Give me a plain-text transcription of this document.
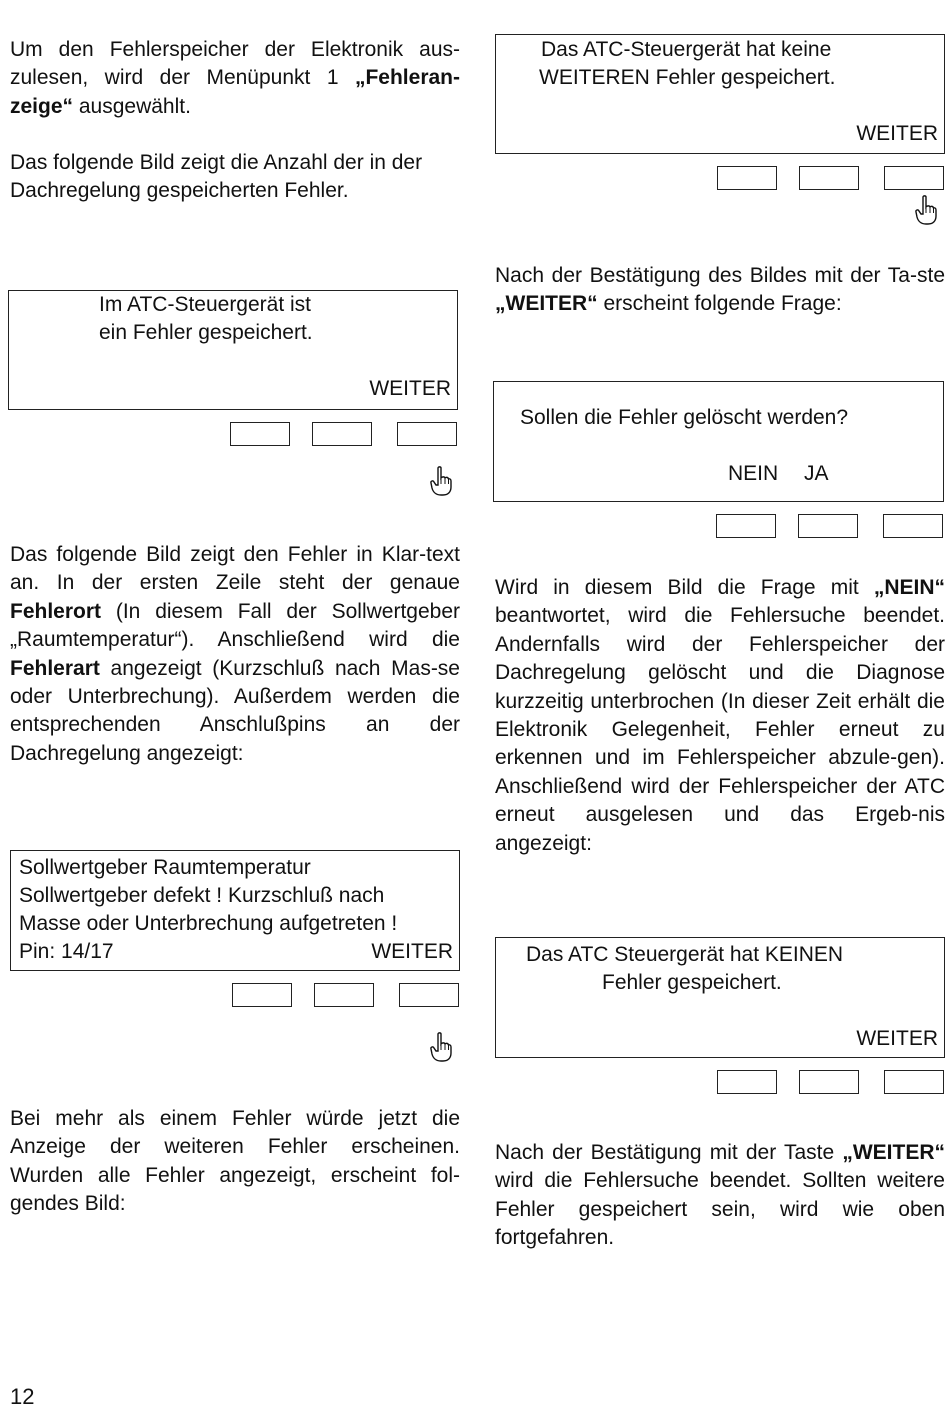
Um den Fehlerspeicher der Elektronik aus- zulesen, wird der Menüpunkt 1 „Fehleran- zeige“ ausgewählt.

Das folgende Bild zeigt die Anzahl der in der Dachregelung gespeicherten Fehler.

Im ATC-Steuergerät ist
ein Fehler gespeichert.
WEITER

Das folgende Bild zeigt den Fehler in Klar-text an. In der ersten Zeile steht der genaue Fehlerort (In diesem Fall der Sollwertgeber „Raumtemperatur“). Anschließend wird die Fehlerart angezeigt (Kurzschluß nach Mas-se oder Unterbrechung). Außerdem werden die entsprechenden Anschlußpins an der Dachregelung angezeigt:

Sollwertgeber Raumtemperatur
Sollwertgeber defekt ! Kurzschluß nach
Masse oder Unterbrechung aufgetreten !
Pin: 14/17	WEITER

Bei mehr als einem Fehler würde jetzt die Anzeige der weiteren Fehler erscheinen. Wurden alle Fehler angezeigt, erscheint fol-gendes Bild:

Das ATC-Steuergerät hat keine
WEITEREN Fehler gespeichert.
WEITER

Nach der Bestätigung des Bildes mit der Ta-ste „WEITER“ erscheint folgende Frage:

Sollen die Fehler gelöscht werden?
NEIN JA

Wird in diesem Bild die Frage mit „NEIN“ beantwortet, wird die Fehlersuche beendet. Andernfalls wird der Fehlerspeicher der Dachregelung gelöscht und die Diagnose kurzzeitig unterbrochen (In dieser Zeit erhält die Elektronik Gelegenheit, Fehler erneut zu erkennen und im Fehlerspeicher abzule-gen). Anschließend wird der Fehlerspeicher der ATC erneut ausgelesen und das Ergeb-nis angezeigt:

Das ATC Steuergerät hat KEINEN
Fehler gespeichert.
WEITER

Nach der Bestätigung mit der Taste „WEITER“ wird die Fehlersuche beendet. Sollten weitere Fehler gespeichert sein, wird wie oben fortgefahren.

12
